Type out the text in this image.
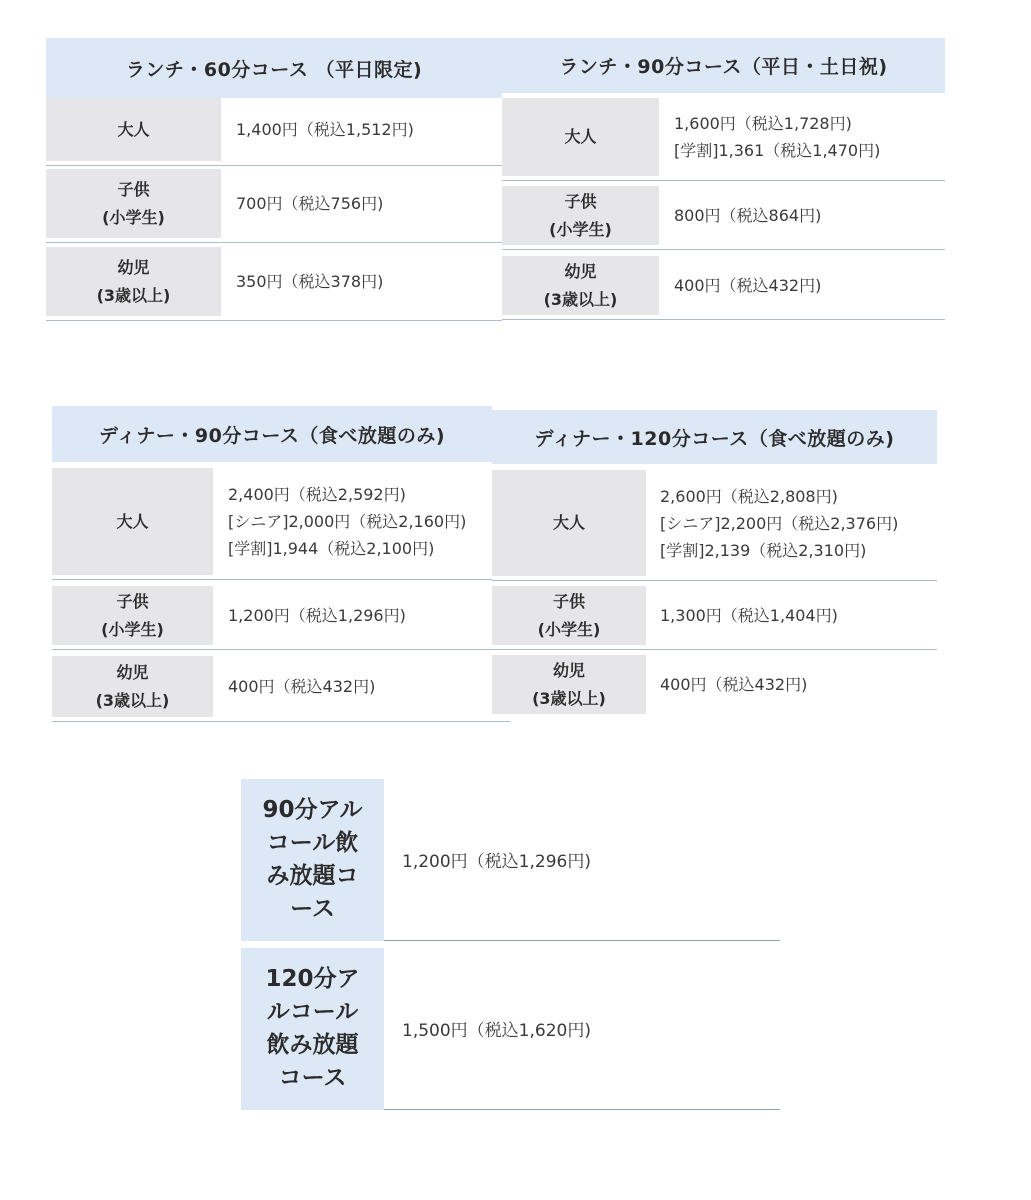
ランチ・60分コース （平日限定)
大人	1,400円（税込1,512円)
子供
(小学生)
700円（税込756円)
幼児
(3歳以上)
350円（税込378円)
ランチ・90分コース（平日・土日祝)
大人
1,600円（税込1,728円)
[学割]1,361（税込1,470円)
子供
(小学生)
800円（税込864円)
幼児
(3歳以上)
400円（税込432円)
ディナー・90分コース（食べ放題のみ)
大人
2,400円（税込2,592円)
[シニア]2,000円（税込2,160円)
[学割]1,944（税込2,100円)
子供
(小学生)
1,200円（税込1,296円)
幼児
(3歳以上)
400円（税込432円)
ディナー・120分コース（食べ放題のみ)
大人
2,600円（税込2,808円)
[シニア]2,200円（税込2,376円)
[学割]2,139（税込2,310円)
子供
(小学生)
1,300円（税込1,404円)
幼児
(3歳以上)
400円（税込432円)
90分アルコール飲み放題コース
1,200円（税込1,296円)
120分アルコール飲み放題コース
1,500円（税込1,620円)
